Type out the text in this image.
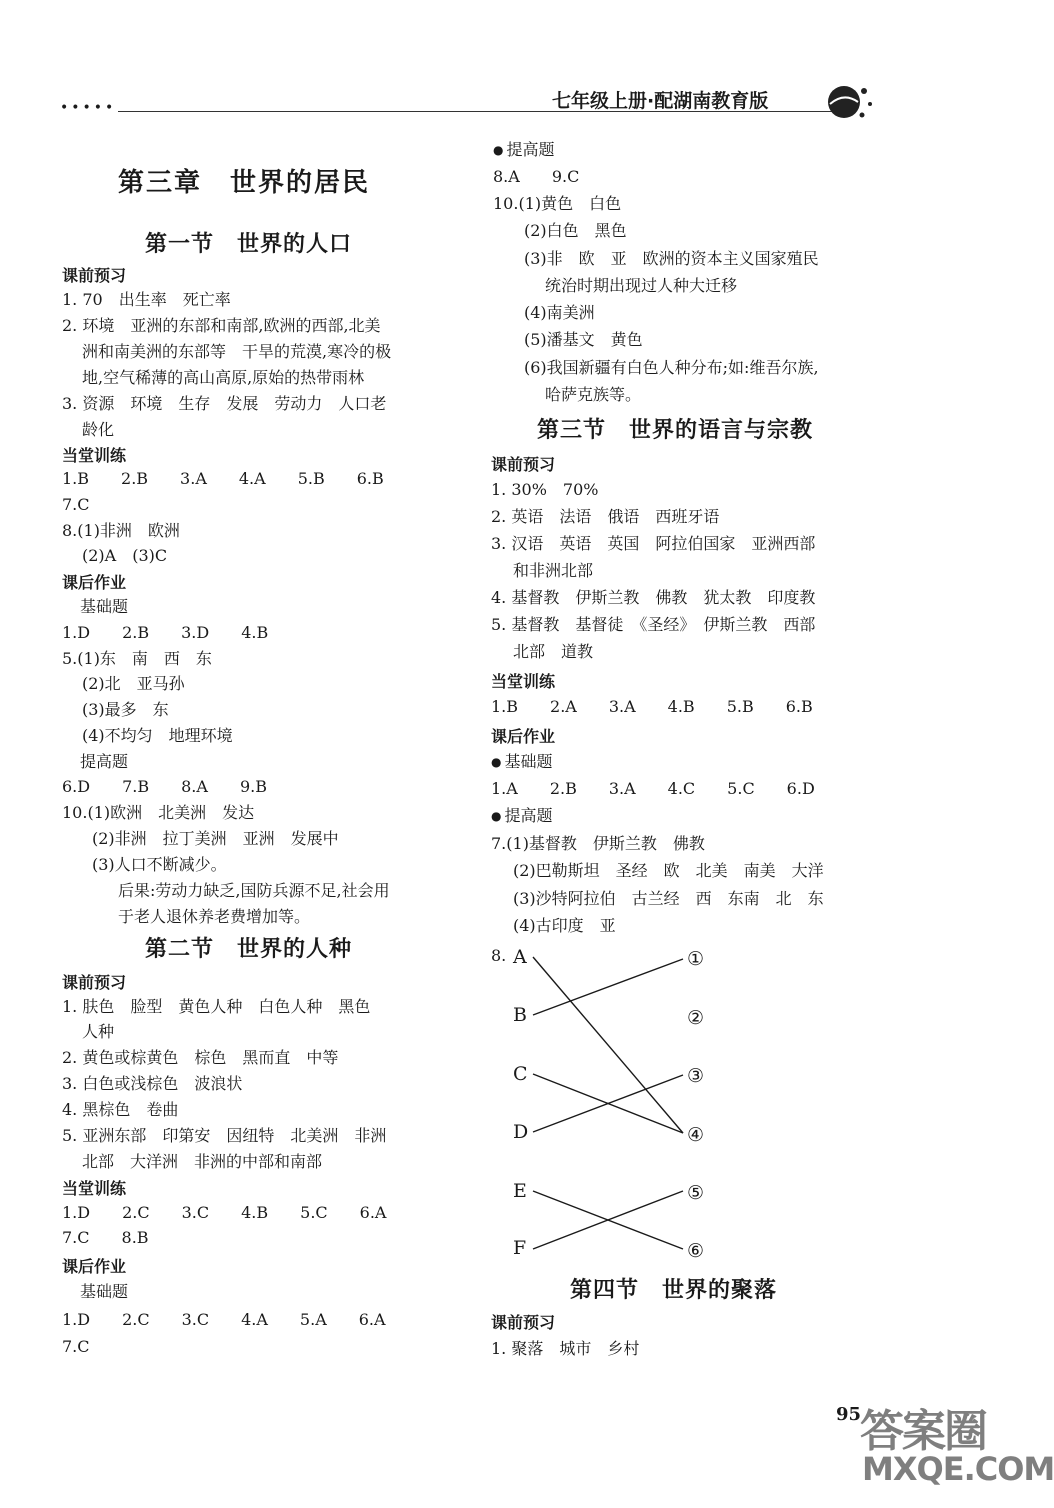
•••••	七年级上册·配湖南教育版
第三章　世界的居民
第一节　世界的人口
课前预习
1. 70　出生率　死亡率
2. 环境　亚洲的东部和南部,欧洲的西部,北美
洲和南美洲的东部等　干旱的荒漠,寒冷的极
地,空气稀薄的高山高原,原始的热带雨林
3. 资源　环境　生存　发展　劳动力　人口老
龄化
当堂训练
1.B　　2.B　　3.A　　4.A　　5.B　　6.B
7.C
8.(1)非洲　欧洲
(2)A　(3)C
课后作业
基础题
1.D　　2.B　　3.D　　4.B
5.(1)东　南　西　东
(2)北　亚马孙
(3)最多　东
(4)不均匀　地理环境
提高题
6.D　　7.B　　8.A　　9.B
10.(1)欧洲　北美洲　发达
(2)非洲　拉丁美洲　亚洲　发展中
(3)人口不断减少。
后果:劳动力缺乏,国防兵源不足,社会用
于老人退休养老费增加等。
第二节　世界的人种
课前预习
1. 肤色　脸型　黄色人种　白色人种　黑色
人种
2. 黄色或棕黄色　棕色　黑而直　中等
3. 白色或浅棕色　波浪状
4. 黑棕色　卷曲
5. 亚洲东部　印第安　因纽特　北美洲　非洲
北部　大洋洲　非洲的中部和南部
当堂训练
1.D　　2.C　　3.C　　4.B　　5.C　　6.A
7.C　　8.B
课后作业
基础题
1.D　　2.C　　3.C　　4.A　　5.A　　6.A
7.C
● 提高题
8.A　　9.C
10.(1)黄色　白色
(2)白色　黑色
(3)非　欧　亚　欧洲的资本主义国家殖民
统治时期出现过人种大迁移
(4)南美洲
(5)潘基文　黄色
(6)我国新疆有白色人种分布;如:维吾尔族,
哈萨克族等。
第三节　世界的语言与宗教
课前预习
1. 30%　70%
2. 英语　法语　俄语　西班牙语
3. 汉语　英语　英国　阿拉伯国家　亚洲西部
和非洲北部
4. 基督教　伊斯兰教　佛教　犹太教　印度教
5. 基督教　基督徒　《圣经》　伊斯兰教　西部
北部　道教
当堂训练
1.B　　2.A　　3.A　　4.B　　5.B　　6.B
课后作业
● 基础题
1.A　　2.B　　3.A　　4.C　　5.C　　6.D
● 提高题
7.(1)基督教　伊斯兰教　佛教
(2)巴勒斯坦　圣经　欧　北美　南美　大洋
(3)沙特阿拉伯　古兰经　西　东南　北　东
(4)古印度　亚
8. A
B
C
D
E
F
①
②
③
④
⑤
⑥
第四节　世界的聚落
课前预习
1. 聚落　城市　乡村
95
答案圈
MXQE.COM
